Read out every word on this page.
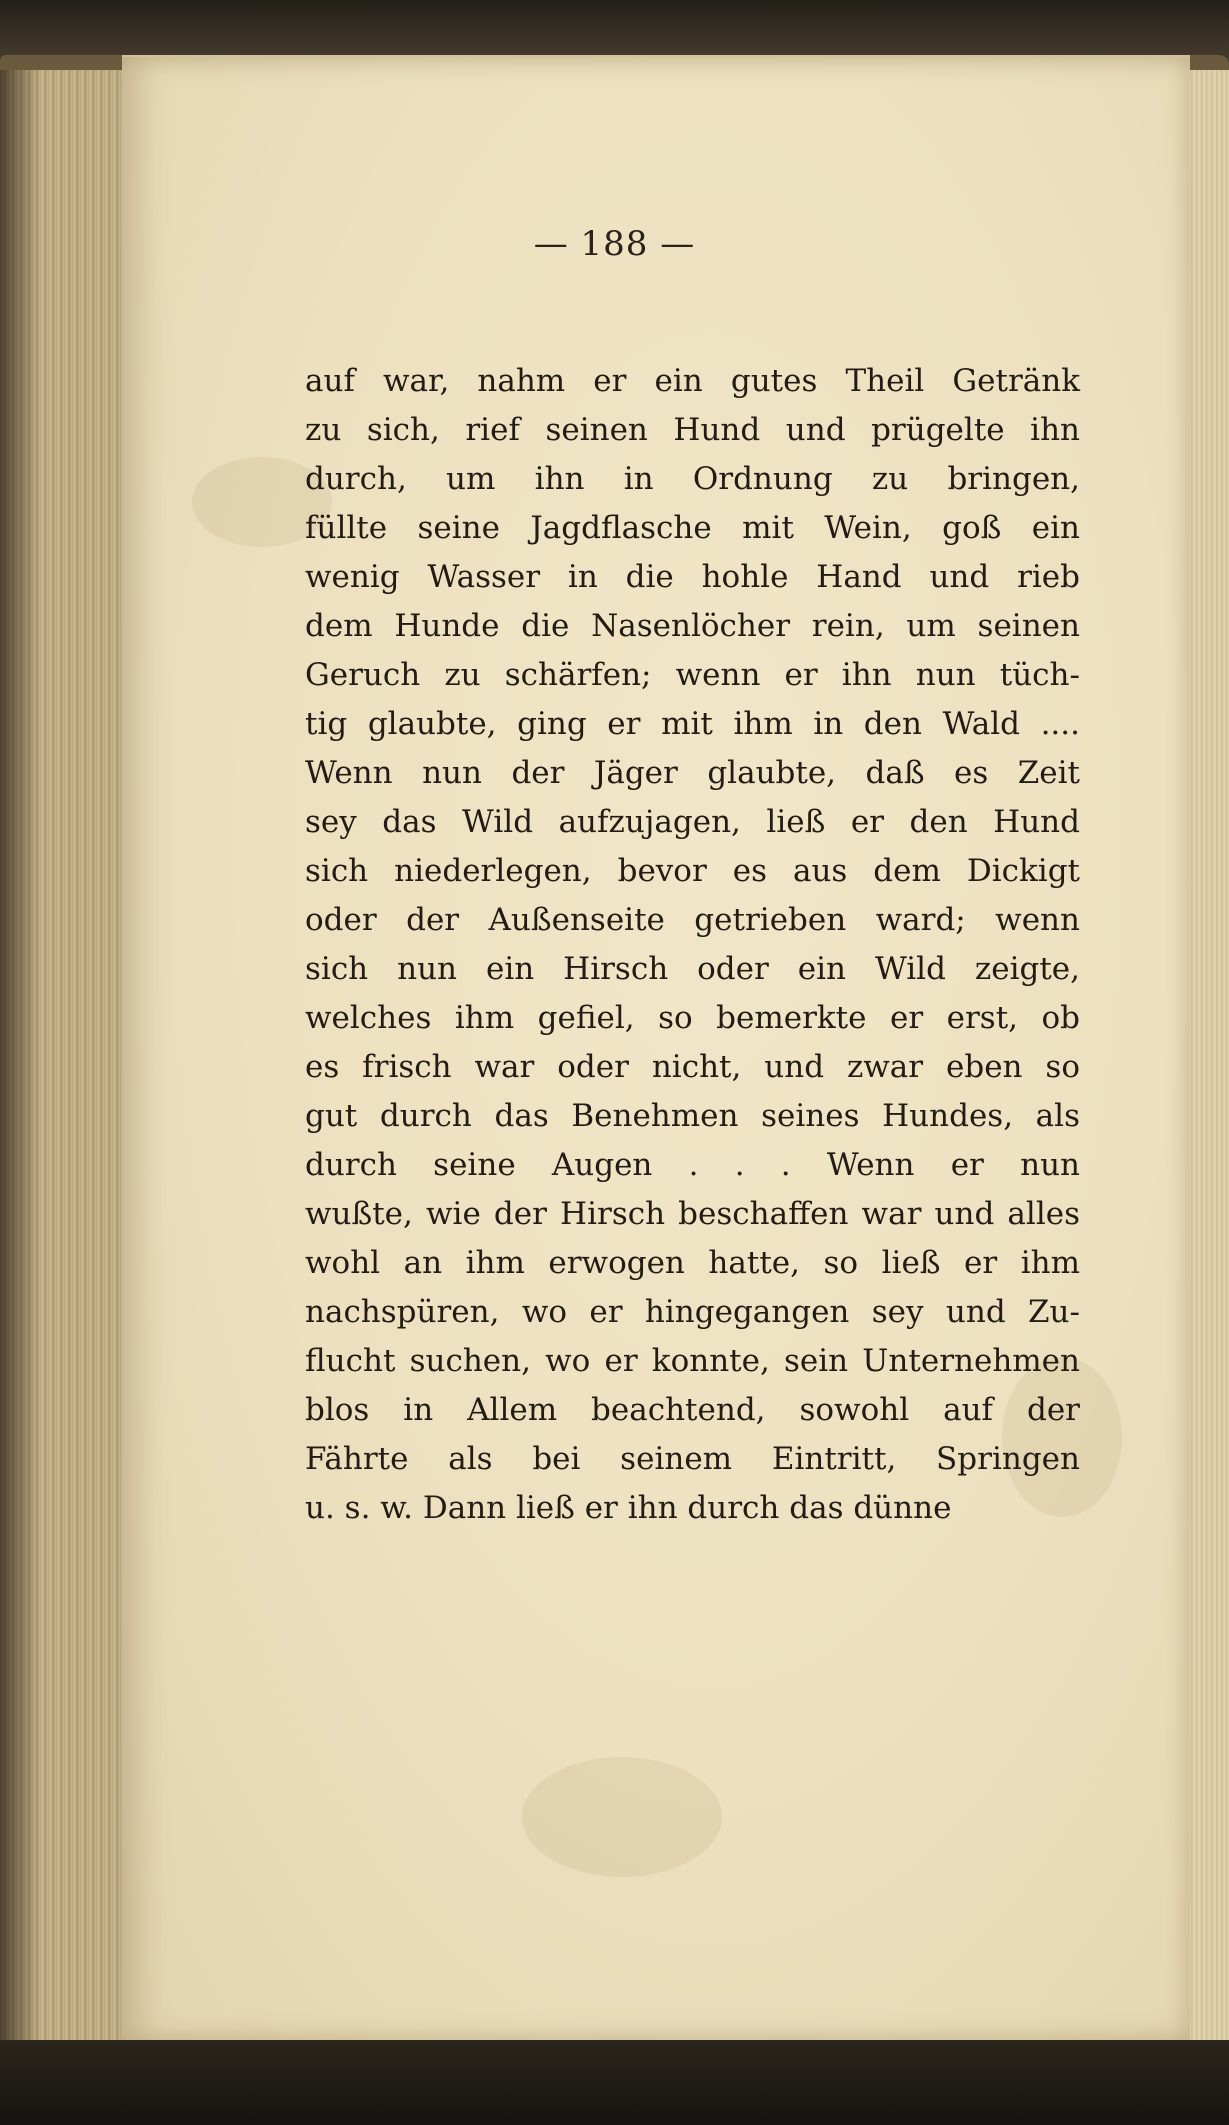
— 188 —
auf war, nahm er ein gutes Theil Getränk
zu sich, rief seinen Hund und prügelte ihn
durch, um ihn in Ordnung zu bringen,
füllte seine Jagdflasche mit Wein, goß ein
wenig Wasser in die hohle Hand und rieb
dem Hunde die Nasenlöcher rein, um seinen
Geruch zu schärfen; wenn er ihn nun tüch-
tig glaubte, ging er mit ihm in den Wald ....
Wenn nun der Jäger glaubte, daß es Zeit
sey das Wild aufzujagen, ließ er den Hund
sich niederlegen, bevor es aus dem Dickigt
oder der Außenseite getrieben ward; wenn
sich nun ein Hirsch oder ein Wild zeigte,
welches ihm gefiel, so bemerkte er erst, ob
es frisch war oder nicht, und zwar eben so
gut durch das Benehmen seines Hundes, als
durch seine Augen . . . Wenn er nun
wußte, wie der Hirsch beschaffen war und alles
wohl an ihm erwogen hatte, so ließ er ihm
nachspüren, wo er hingegangen sey und Zu-
flucht suchen, wo er konnte, sein Unternehmen
blos in Allem beachtend, sowohl auf der
Fährte als bei seinem Eintritt, Springen
u. s. w. Dann ließ er ihn durch das dünne
